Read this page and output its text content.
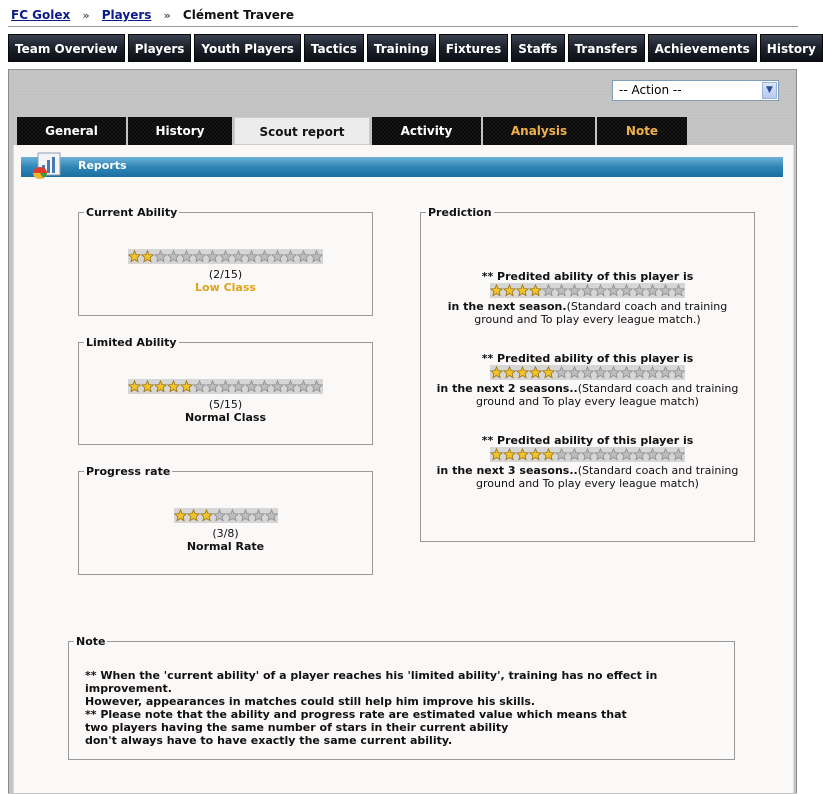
FC Golex » Players » Clément Travere
Team Overview	Players	Youth Players	Tactics	Training	Fixtures	Staffs	Transfers	Achievements	History
-- Action --	▼
General	History	Scout report	Activity	Analysis	Note
Reports
Current Ability
(2/15)
Low Class
Limited Ability
(5/15)
Normal Class
Progress rate
(3/8)
Normal Rate
Prediction
** Predited ability of this player is
in the next season.(Standard coach and training
ground and To play every league match.)
** Predited ability of this player is
in the next 2 seasons..(Standard coach and training
ground and To play every league match)
** Predited ability of this player is
in the next 3 seasons..(Standard coach and training
ground and To play every league match)
Note
** When the 'current ability' of a player reaches his 'limited ability', training has no effect in improvement.
However, appearances in matches could still help him improve his skills.
** Please note that the ability and progress rate are estimated value which means that
two players having the same number of stars in their current ability
don't always have to have exactly the same current ability.
